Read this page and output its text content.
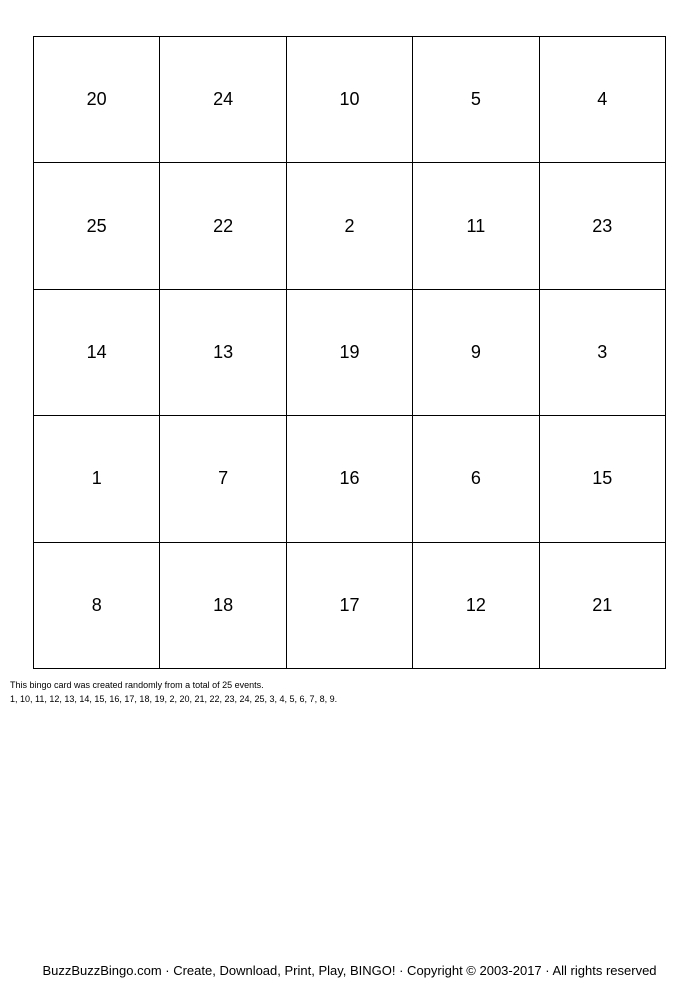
20	24	10	5	4
25	22	2	11	23
14	13	19	9	3
1	7	16	6	15
8	18	17	12	21
This bingo card was created randomly from a total of 25 events.
1, 10, 11, 12, 13, 14, 15, 16, 17, 18, 19, 2, 20, 21, 22, 23, 24, 25, 3, 4, 5, 6, 7, 8, 9.
BuzzBuzzBingo.com · Create, Download, Print, Play, BINGO! · Copyright © 2003-2017 · All rights reserved
